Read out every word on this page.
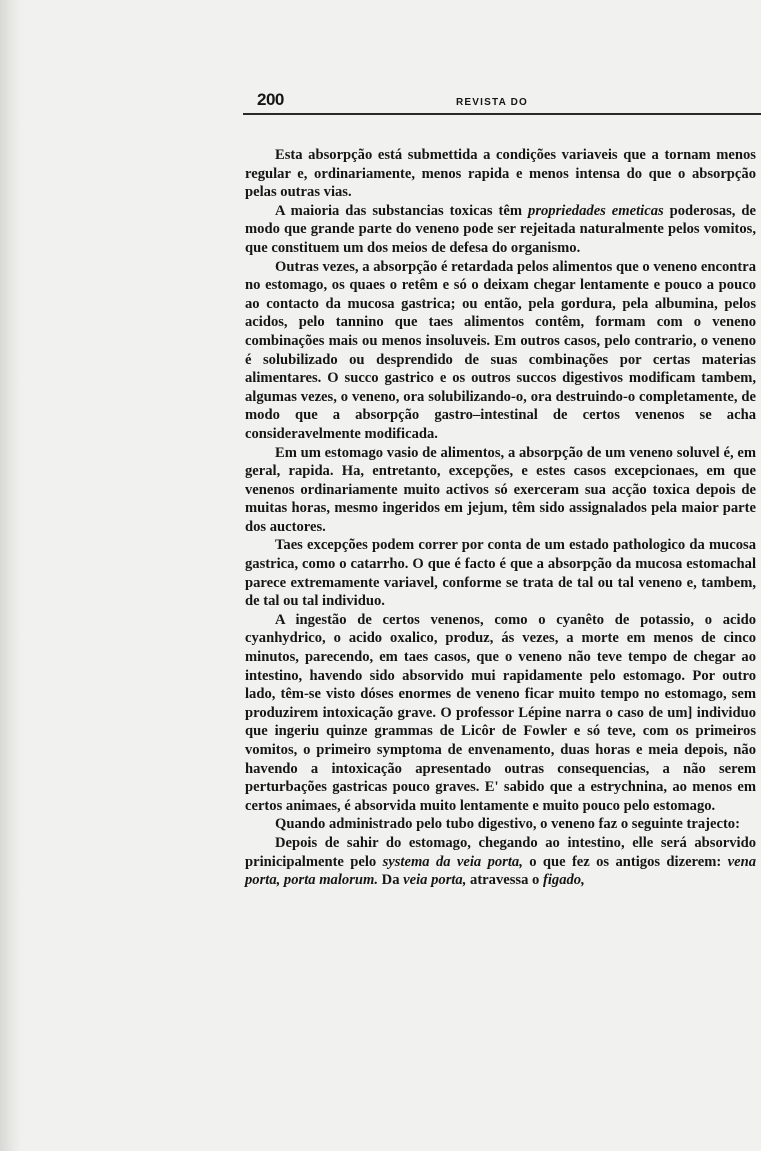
200	REVISTA DO

Esta absorpção está submettida a condições variaveis que a tornam menos regular e, ordinariamente, menos rapida e menos intensa do que o absorpção pelas outras vias.

A maioria das substancias toxicas têm propriedades emeticas poderosas, de modo que grande parte do veneno pode ser rejeitada naturalmente pelos vomitos, que constituem um dos meios de defesa do organismo.

Outras vezes, a absorpção é retardada pelos alimentos que o veneno encontra no estomago, os quaes o retêm e só o deixam chegar lentamente e pouco a pouco ao contacto da mucosa gastrica; ou então, pela gordura, pela albumina, pelos acidos, pelo tannino que taes alimentos contêm, formam com o veneno combinações mais ou menos insoluveis. Em outros casos, pelo contrario, o veneno é solubilizado ou desprendido de suas combinações por certas materias alimentares. O succo gastrico e os outros succos digestivos modificam tambem, algumas vezes, o veneno, ora solubilizando-o, ora destruindo-o completamente, de modo que a absorpção gastro–intestinal de certos venenos se acha consideravelmente modificada.

Em um estomago vasio de alimentos, a absorpção de um veneno soluvel é, em geral, rapida. Ha, entretanto, excepções, e estes casos excepcionaes, em que venenos ordinariamente muito activos só exerceram sua acção toxica depois de muitas horas, mesmo ingeridos em jejum, têm sido assignalados pela maior parte dos auctores.

Taes excepções podem correr por conta de um estado pathologico da mucosa gastrica, como o catarrho. O que é facto é que a absorpção da mucosa estomachal parece extremamente variavel, conforme se trata de tal ou tal veneno e, tambem, de tal ou tal individuo.

A ingestão de certos venenos, como o cyanêto de potassio, o acido cyanhydrico, o acido oxalico, produz, ás vezes, a morte em menos de cinco minutos, parecendo, em taes casos, que o veneno não teve tempo de chegar ao intestino, havendo sido absorvido mui rapidamente pelo estomago. Por outro lado, têm-se visto dóses enormes de veneno ficar muito tempo no estomago, sem produzirem intoxicação grave. O professor Lépine narra o caso de um] individuo que ingeriu quinze grammas de Licôr de Fowler e só teve, com os primeiros vomitos, o primeiro symptoma de envenamento, duas horas e meia depois, não havendo a intoxicação apresentado outras consequencias, a não serem perturbações gastricas pouco graves. E' sabido que a estrychnina, ao menos em certos animaes, é absorvida muito lentamente e muito pouco pelo estomago.

Quando administrado pelo tubo digestivo, o veneno faz o seguinte trajecto:

Depois de sahir do estomago, chegando ao intestino, elle será absorvido prinicipalmente pelo systema da veia porta, o que fez os antigos dizerem: vena porta, porta malorum. Da veia porta, atravessa o figado,
